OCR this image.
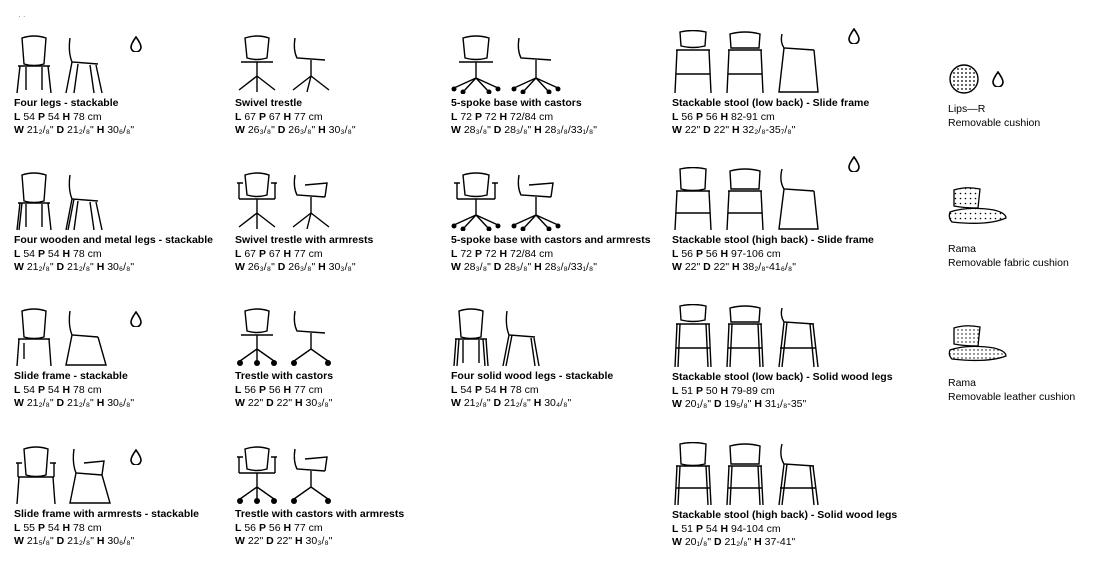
· ·
Four legs - stackable
L 54 P 54 H 78 cm
W 21₂/₈" D 21₂/₈" H 30₆/₈"
Four wooden and metal legs - stackable
L 54 P 54 H 78 cm
W 21₂/₈" D 21₂/₈" H 30₆/₈"
Slide frame - stackable
L 54 P 54 H 78 cm
W 21₂/₈" D 21₂/₈" H 30₆/₈"
Slide frame with armrests - stackable
L 55 P 54 H 78 cm
W 21₅/₈" D 21₂/₈" H 30₆/₈"
Swivel trestle
L 67 P 67 H 77 cm
W 26₃/₈" D 26₃/₈" H 30₃/₈"
Swivel trestle with armrests
L 67 P 67 H 77 cm
W 26₃/₈" D 26₃/₈" H 30₃/₈"
Trestle with castors
L 56 P 56 H 77 cm
W 22" D 22" H 30₃/₈"
Trestle with castors with armrests
L 56 P 56 H 77 cm
W 22" D 22" H 30₃/₈"
5-spoke base with castors
L 72 P 72 H 72/84 cm
W 28₃/₈" D 28₃/₈" H 28₃/₈/33₁/₈"
5-spoke base with castors and armrests
L 72 P 72 H 72/84 cm
W 28₃/₈" D 28₃/₈" H 28₃/₈/33₁/₈"
Four solid wood legs - stackable
L 54 P 54 H 78 cm
W 21₂/₈" D 21₂/₈" H 30₄/₈"
Stackable stool (low back) - Slide frame
L 56 P 56 H 82-91 cm
W 22" D 22" H 32₂/₈-35₇/₈"
Stackable stool (high back) - Slide frame
L 56 P 56 H 97-106 cm
W 22" D 22" H 38₂/₈-41₆/₈"
Stackable stool (low back) - Solid wood legs
L 51 P 50 H 79-89 cm
W 20₁/₈" D 19₅/₈" H 31₁/₈-35"
Stackable stool (high back) - Solid wood legs
L 51 P 54 H 94-104 cm
W 20₁/₈" D 21₂/₈" H 37-41"
Lips—R
Removable cushion
Rama
Removable fabric cushion
Rama
Removable leather cushion
